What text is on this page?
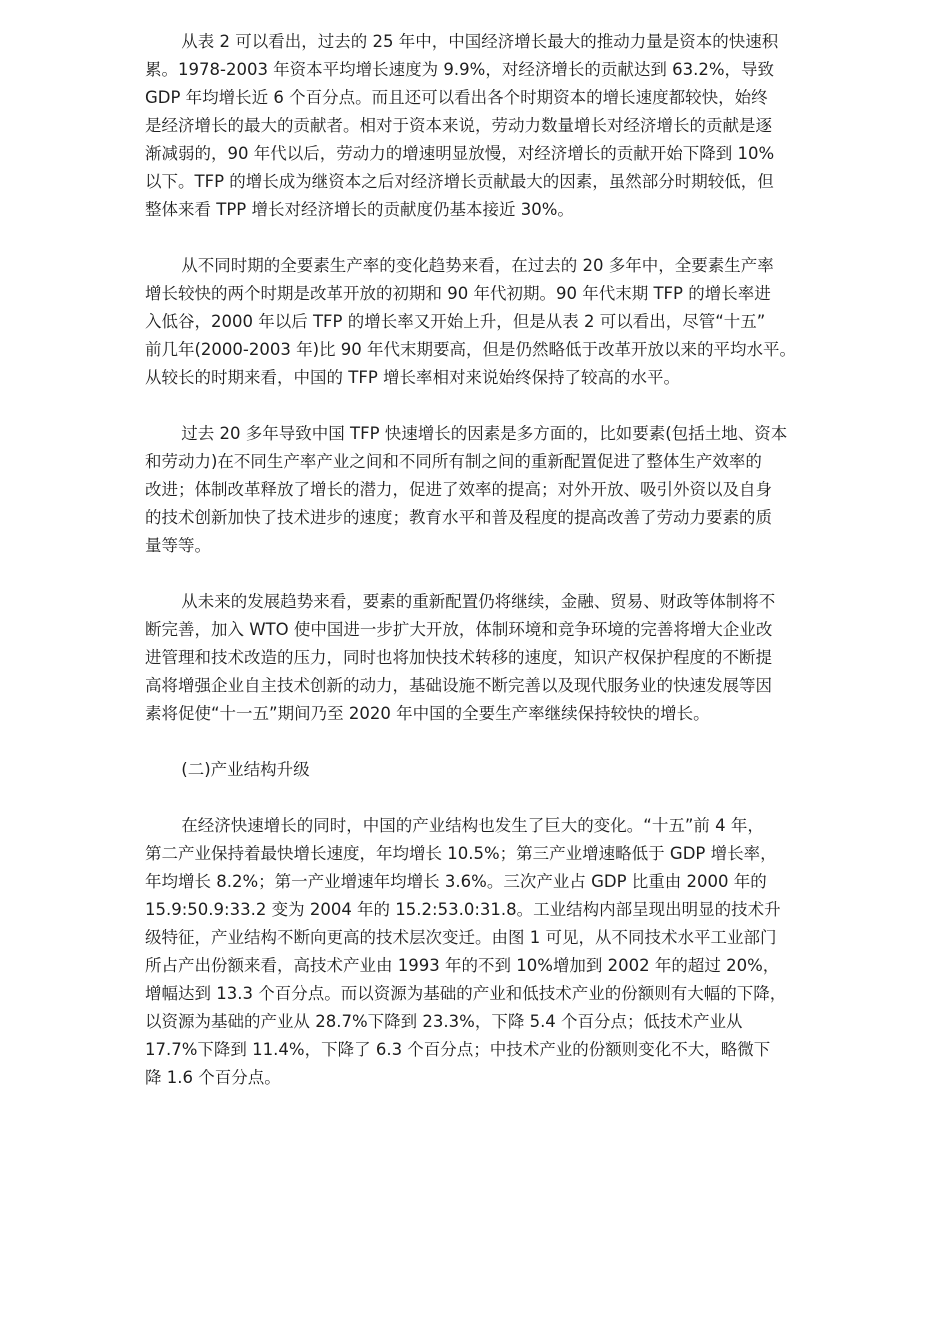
从表 2 可以看出，过去的 25 年中，中国经济增长最大的推动力量是资本的快速积
累。1978-2003 年资本平均增长速度为 9.9%，对经济增长的贡献达到 63.2%，导致
GDP 年均增长近 6 个百分点。而且还可以看出各个时期资本的增长速度都较快，始终
是经济增长的最大的贡献者。相对于资本来说，劳动力数量增长对经济增长的贡献是逐
渐减弱的，90 年代以后，劳动力的增速明显放慢，对经济增长的贡献开始下降到 10%
以下。TFP 的增长成为继资本之后对经济增长贡献最大的因素，虽然部分时期较低，但
整体来看 TPP 增长对经济增长的贡献度仍基本接近 30%。

从不同时期的全要素生产率的变化趋势来看，在过去的 20 多年中，全要素生产率
增长较快的两个时期是改革开放的初期和 90 年代初期。90 年代末期 TFP 的增长率进
入低谷，2000 年以后 TFP 的增长率又开始上升，但是从表 2 可以看出，尽管“十五”
前几年(2000-2003 年)比 90 年代末期要高，但是仍然略低于改革开放以来的平均水平。
从较长的时期来看，中国的 TFP 增长率相对来说始终保持了较高的水平。

过去 20 多年导致中国 TFP 快速增长的因素是多方面的，比如要素(包括土地、资本
和劳动力)在不同生产率产业之间和不同所有制之间的重新配置促进了整体生产效率的
改进；体制改革释放了增长的潜力，促进了效率的提高；对外开放、吸引外资以及自身
的技术创新加快了技术进步的速度；教育水平和普及程度的提高改善了劳动力要素的质
量等等。

从未来的发展趋势来看，要素的重新配置仍将继续，金融、贸易、财政等体制将不
断完善，加入 WTO 使中国进一步扩大开放，体制环境和竞争环境的完善将增大企业改
进管理和技术改造的压力，同时也将加快技术转移的速度，知识产权保护程度的不断提
高将增强企业自主技术创新的动力，基础设施不断完善以及现代服务业的快速发展等因
素将促使“十一五”期间乃至 2020 年中国的全要生产率继续保持较快的增长。

(二)产业结构升级

在经济快速增长的同时，中国的产业结构也发生了巨大的变化。“十五”前 4 年，
第二产业保持着最快增长速度，年均增长 10.5%；第三产业增速略低于 GDP 增长率，
年均增长 8.2%；第一产业增速年均增长 3.6%。三次产业占 GDP 比重由 2000 年的
15.9:50.9:33.2 变为 2004 年的 15.2:53.0:31.8。工业结构内部呈现出明显的技术升
级特征，产业结构不断向更高的技术层次变迁。由图 1 可见，从不同技术水平工业部门
所占产出份额来看，高技术产业由 1993 年的不到 10%增加到 2002 年的超过 20%，
增幅达到 13.3 个百分点。而以资源为基础的产业和低技术产业的份额则有大幅的下降，
以资源为基础的产业从 28.7%下降到 23.3%，下降 5.4 个百分点；低技术产业从
17.7%下降到 11.4%，下降了 6.3 个百分点；中技术产业的份额则变化不大，略微下
降 1.6 个百分点。
